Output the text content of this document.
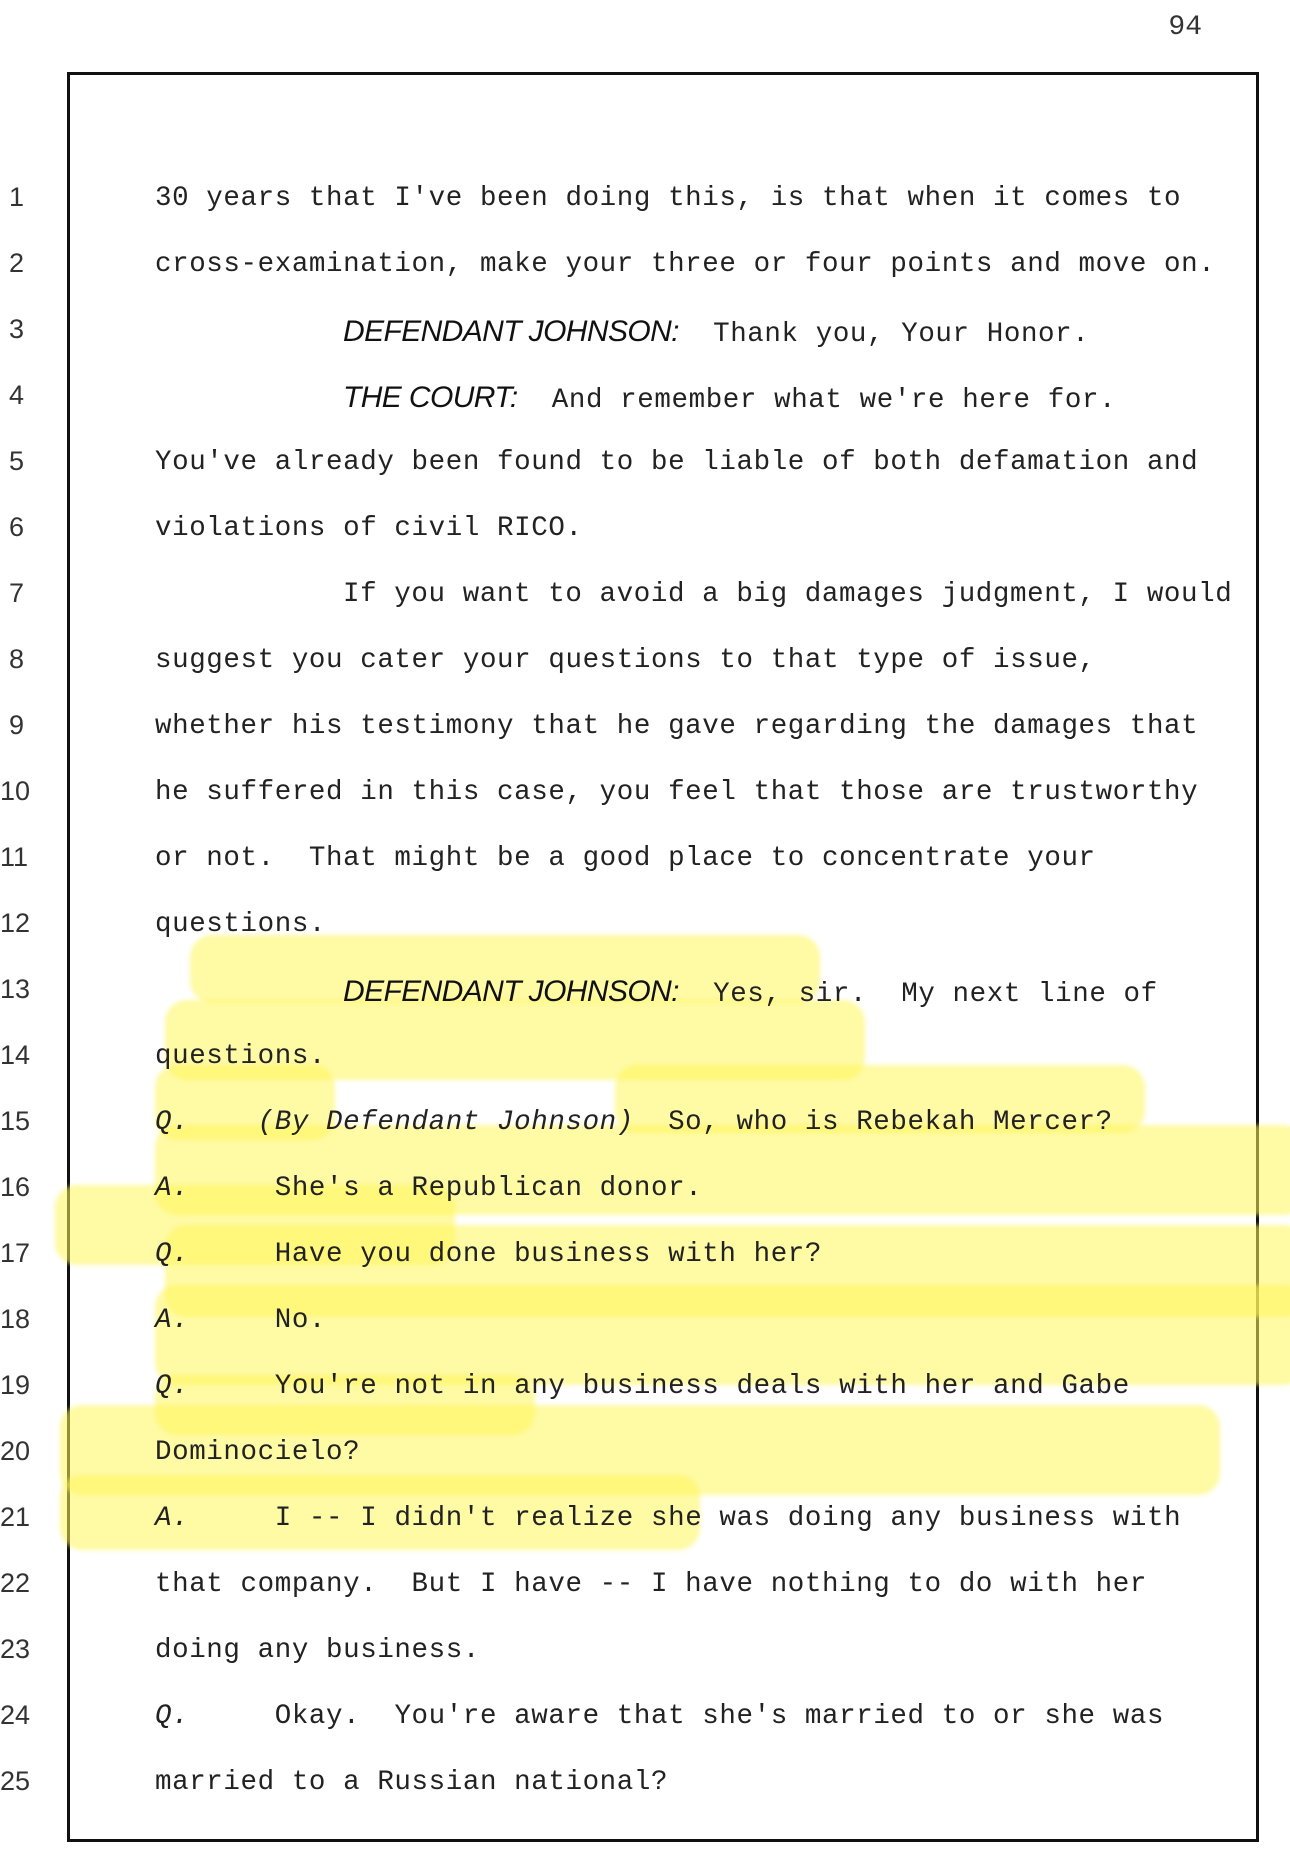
94
1
2
3
4
5
6
7
8
9
10
11
12
13
14
15
16
17
18
19
20
21
22
23
24
25
30 years that I've been doing this, is that when it comes to
cross-examination, make your three or four points and move on.
DEFENDANT JOHNSON:  Thank you, Your Honor.
THE COURT:  And remember what we're here for.
You've already been found to be liable of both defamation and
violations of civil RICO.
If you want to avoid a big damages judgment, I would
suggest you cater your questions to that type of issue,
whether his testimony that he gave regarding the damages that
he suffered in this case, you feel that those are trustworthy
or not.  That might be a good place to concentrate your
questions.
DEFENDANT JOHNSON:  Yes, sir.  My next line of
questions.
Q.    (By Defendant Johnson)  So, who is Rebekah Mercer?
A.     She's a Republican donor.
Q.     Have you done business with her?
A.     No.
Q.     You're not in any business deals with her and Gabe
Dominocielo?
A.     I -- I didn't realize she was doing any business with
that company.  But I have -- I have nothing to do with her
doing any business.
Q.     Okay.  You're aware that she's married to or she was
married to a Russian national?
